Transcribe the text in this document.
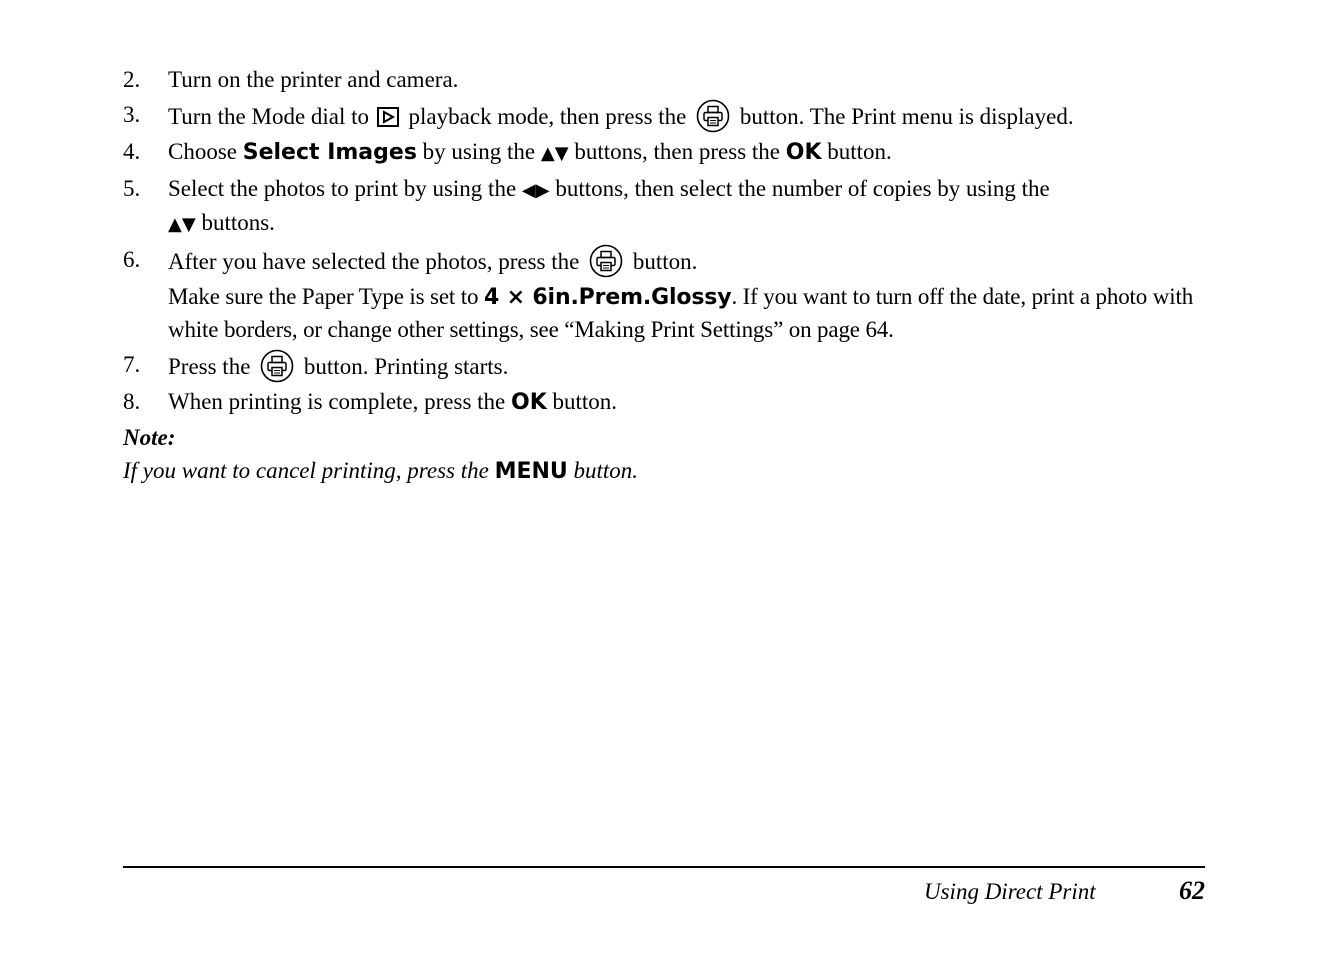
2. Turn on the printer and camera.
3. Turn the Mode dial to playback mode, then press the button. The Print menu is displayed.
4. Choose Select Images by using the ▲▼ buttons, then press the OK button.
5. Select the photos to print by using the ◀▶ buttons, then select the number of copies by using the
▲▼ buttons.
6. After you have selected the photos, press the button.
Make sure the Paper Type is set to 4 × 6in.Prem.Glossy. If you want to turn off the date, print a photo with white borders, or change other settings, see “Making Print Settings” on page 64.
7. Press the button. Printing starts.
8. When printing is complete, press the OK button.
Note:
If you want to cancel printing, press the MENU button.
Using Direct Print	62
